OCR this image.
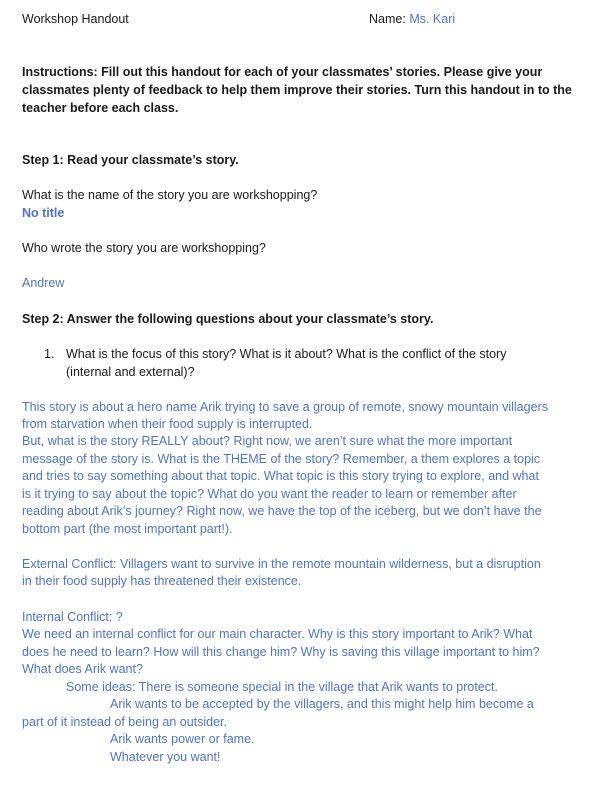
Workshop Handout	Name: Ms. Kari
Instructions: Fill out this handout for each of your classmates’ stories. Please give your
classmates plenty of feedback to help them improve their stories. Turn this handout in to the
teacher before each class.
Step 1: Read your classmate’s story.
What is the name of the story you are workshopping?
No title
Who wrote the story you are workshopping?
Andrew
Step 2: Answer the following questions about your classmate’s story.
1. What is the focus of this story? What is it about? What is the conflict of the story
(internal and external)?
This story is about a hero name Arik trying to save a group of remote, snowy mountain villagers
from starvation when their food supply is interrupted.
But, what is the story REALLY about? Right now, we aren’t sure what the more important
message of the story is. What is the THEME of the story? Remember, a them explores a topic
and tries to say something about that topic. What topic is this story trying to explore, and what
is it trying to say about the topic? What do you want the reader to learn or remember after
reading about Arik’s journey? Right now, we have the top of the iceberg, but we don’t have the
bottom part (the most important part!).
External Conflict: Villagers want to survive in the remote mountain wilderness, but a disruption
in their food supply has threatened their existence.
Internal Conflict: ?
We need an internal conflict for our main character. Why is this story important to Arik? What
does he need to learn? How will this change him? Why is saving this village important to him?
What does Arik want?
Some ideas: There is someone special in the village that Arik wants to protect.
Arik wants to be accepted by the villagers, and this might help him become a
part of it instead of being an outsider.
Arik wants power or fame.
Whatever you want!
